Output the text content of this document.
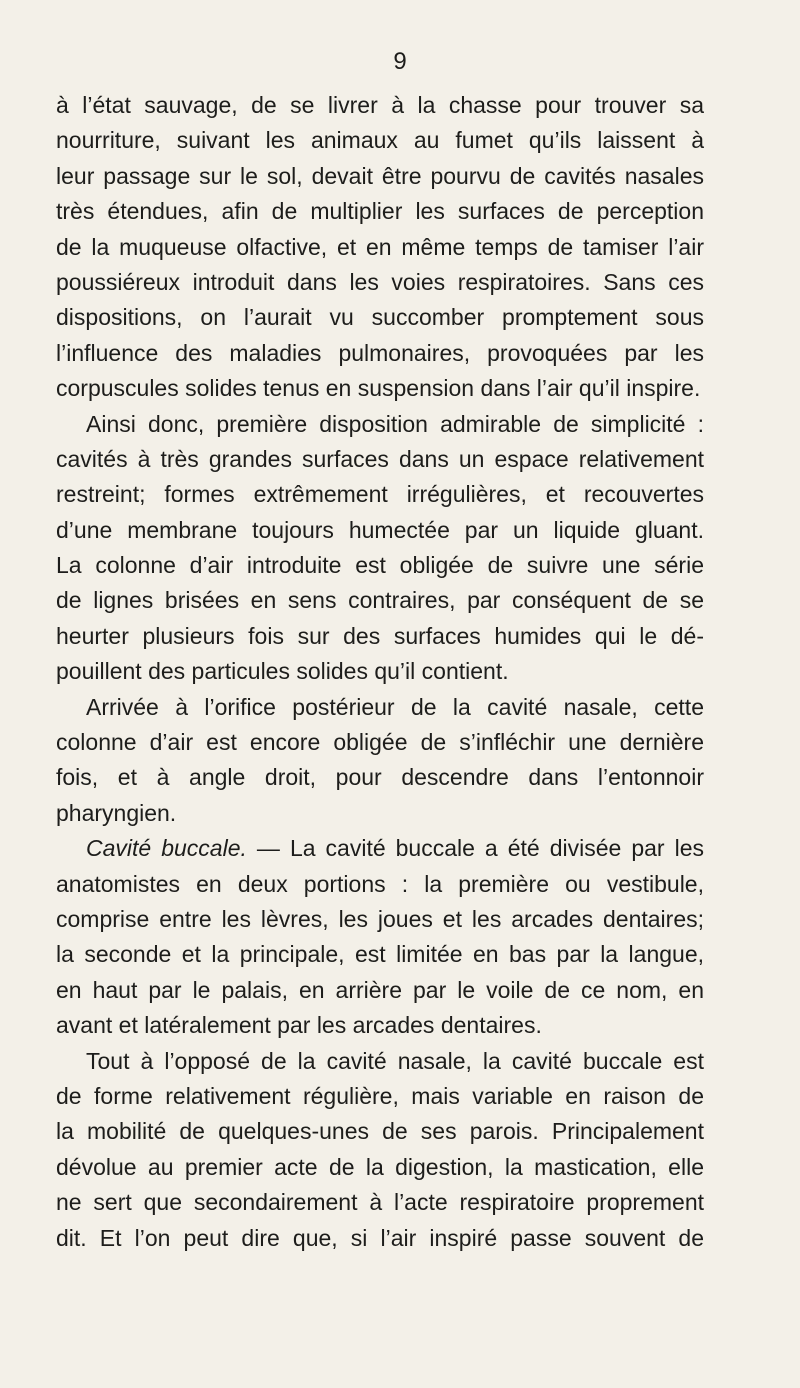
9
à l’état sauvage, de se livrer à la chasse pour trouver sa
nourriture, suivant les animaux au fumet qu’ils laissent à
leur passage sur le sol, devait être pourvu de cavités nasales
très étendues, afin de multiplier les surfaces de perception
de la muqueuse olfactive, et en même temps de tamiser l’air
poussiéreux introduit dans les voies respiratoires. Sans ces
dispositions, on l’aurait vu succomber promptement sous
l’influence des maladies pulmonaires, provoquées par les
corpuscules solides tenus en suspension dans l’air qu’il inspire.
Ainsi donc, première disposition admirable de simplicité :
cavités à très grandes surfaces dans un espace relativement
restreint; formes extrêmement irrégulières, et recouvertes
d’une membrane toujours humectée par un liquide gluant.
La colonne d’air introduite est obligée de suivre une série
de lignes brisées en sens contraires, par conséquent de se
heurter plusieurs fois sur des surfaces humides qui le dé-
pouillent des particules solides qu’il contient.
Arrivée à l’orifice postérieur de la cavité nasale, cette
colonne d’air est encore obligée de s’infléchir une dernière
fois, et à angle droit, pour descendre dans l’entonnoir
pharyngien.
Cavité buccale. — La cavité buccale a été divisée par les
anatomistes en deux portions : la première ou vestibule,
comprise entre les lèvres, les joues et les arcades dentaires;
la seconde et la principale, est limitée en bas par la langue,
en haut par le palais, en arrière par le voile de ce nom, en
avant et latéralement par les arcades dentaires.
Tout à l’opposé de la cavité nasale, la cavité buccale est
de forme relativement régulière, mais variable en raison de
la mobilité de quelques-unes de ses parois. Principalement
dévolue au premier acte de la digestion, la mastication, elle
ne sert que secondairement à l’acte respiratoire proprement
dit. Et l’on peut dire que, si l’air inspiré passe souvent de
